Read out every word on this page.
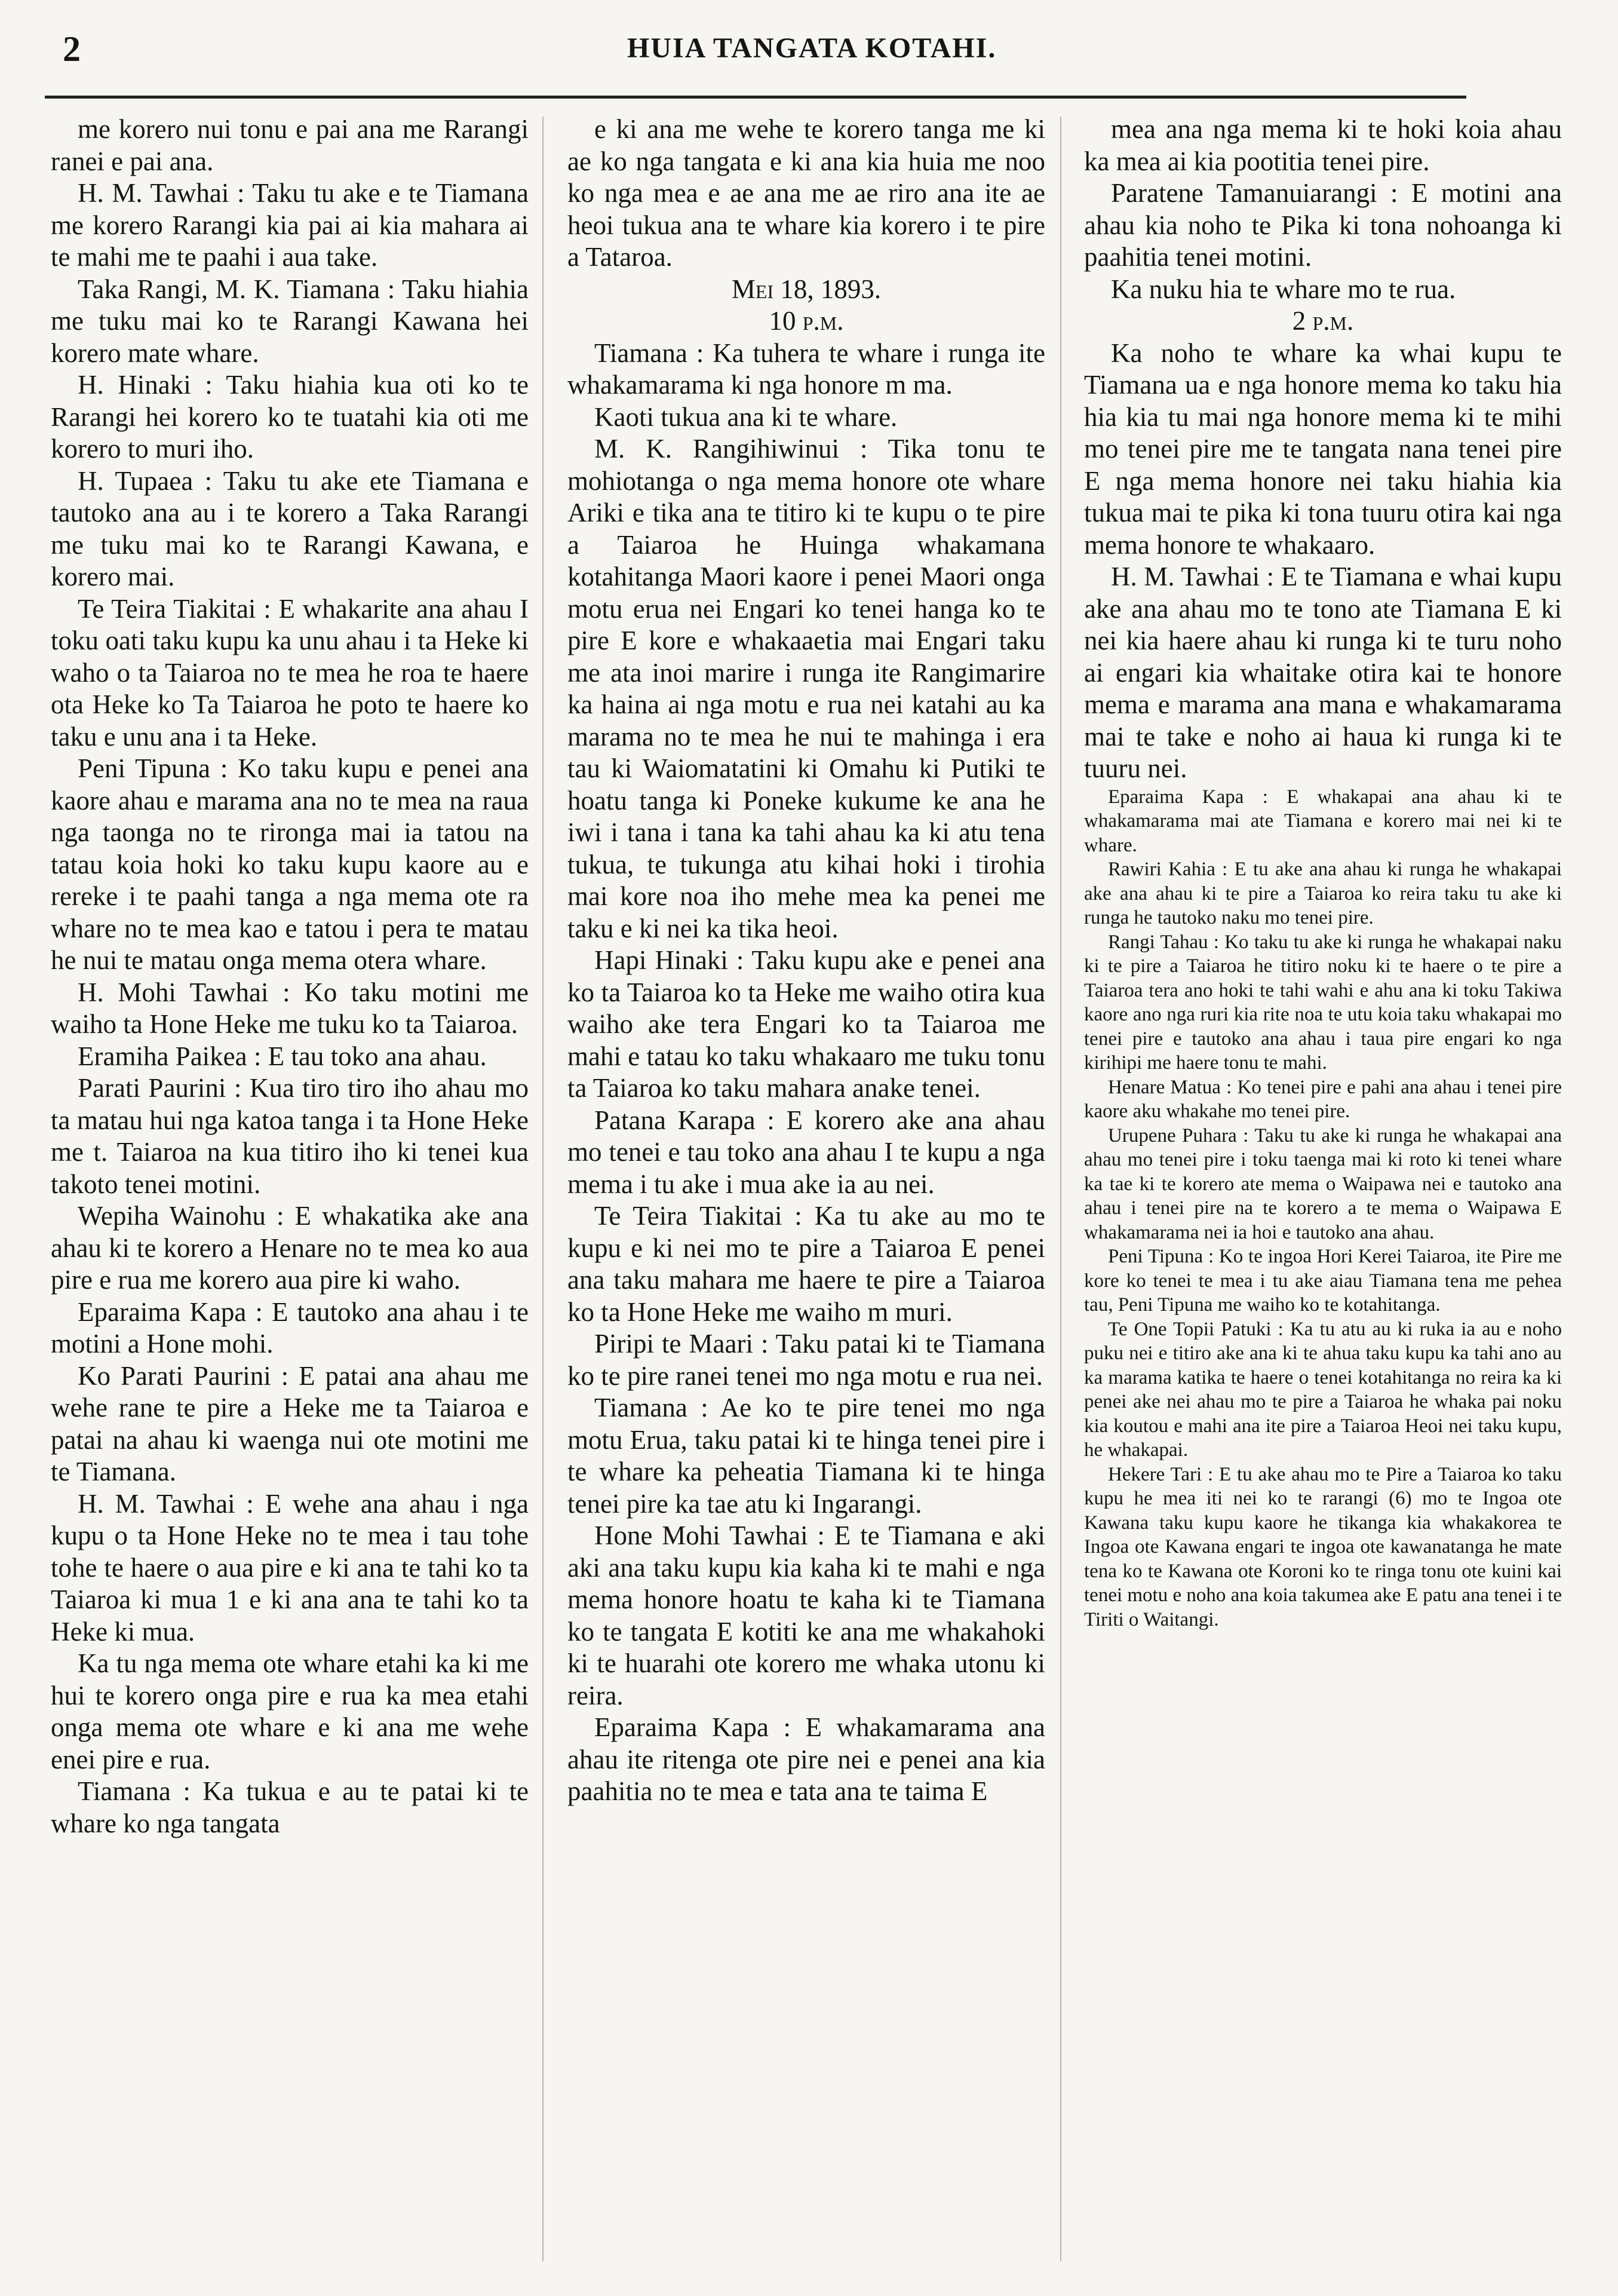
2	HUIA TANGATA KOTAHI.

me korero nui tonu e pai ana me Rarangi ranei e pai ana.

H. M. Tawhai : Taku tu ake e te Tiamana me korero Rarangi kia pai ai kia mahara ai te mahi me te paahi i aua take.

Taka Rangi, M. K. Tiamana : Taku hiahia me tuku mai ko te Rarangi Kawana hei korero mate whare.

H. Hinaki : Taku hiahia kua oti ko te Rarangi hei korero ko te tuatahi kia oti me korero to muri iho.

H. Tupaea : Taku tu ake ete Tiamana e tautoko ana au i te korero a Taka Rarangi me tuku mai ko te Rarangi Kawana, e korero mai.

Te Teira Tiakitai : E whakarite ana ahau I toku oati taku kupu ka unu ahau i ta Heke ki waho o ta Taiaroa no te mea he roa te haere ota Heke ko Ta Taiaroa he poto te haere ko taku e unu ana i ta Heke.

Peni Tipuna : Ko taku kupu e penei ana kaore ahau e marama ana no te mea na raua nga taonga no te rironga mai ia tatou na tatau koia hoki ko taku kupu kaore au e rereke i te paahi tanga a nga mema ote ra whare no te mea kao e tatou i pera te matau he nui te matau onga mema otera whare.

H. Mohi Tawhai : Ko taku motini me waiho ta Hone Heke me tuku ko ta Taiaroa.

Eramiha Paikea : E tau toko ana ahau.

Parati Paurini : Kua tiro tiro iho ahau mo ta matau hui nga katoa tanga i ta Hone Heke me t. Taiaroa na kua titiro iho ki tenei kua takoto tenei motini.

Wepiha Wainohu : E whakatika ake ana ahau ki te korero a Henare no te mea ko aua pire e rua me korero aua pire ki waho.

Eparaima Kapa : E tautoko ana ahau i te motini a Hone mohi.

Ko Parati Paurini : E patai ana ahau me wehe rane te pire a Heke me ta Taiaroa e patai na ahau ki waenga nui ote motini me te Tiamana.

H. M. Tawhai : E wehe ana ahau i nga kupu o ta Hone Heke no te mea i tau tohe tohe te haere o aua pire e ki ana te tahi ko ta Taiaroa ki mua 1 e ki ana ana te tahi ko ta Heke ki mua.

Ka tu nga mema ote whare etahi ka ki me hui te korero onga pire e rua ka mea etahi onga mema ote whare e ki ana me wehe enei pire e rua.

Tiamana : Ka tukua e au te patai ki te whare ko nga tangata

e ki ana me wehe te korero tanga me ki ae ko nga tangata e ki ana kia huia me noo ko nga mea e ae ana me ae riro ana ite ae heoi tukua ana te whare kia korero i te pire a Tataroa.

Mei 18, 1893.

10 p.m.

Tiamana : Ka tuhera te whare i runga ite whakamarama ki nga honore m ma.

Kaoti tukua ana ki te whare.

M. K. Rangihiwinui : Tika tonu te mohiotanga o nga mema honore ote whare Ariki e tika ana te titiro ki te kupu o te pire a Taiaroa he Huinga whakamana kotahitanga Maori kaore i penei Maori onga motu erua nei Engari ko tenei hanga ko te pire E kore e whakaaetia mai Engari taku me ata inoi marire i runga ite Rangimarire ka haina ai nga motu e rua nei katahi au ka marama no te mea he nui te mahinga i era tau ki Waiomatatini ki Omahu ki Putiki te hoatu tanga ki Poneke kukume ke ana he iwi i tana i tana ka tahi ahau ka ki atu tena tukua, te tukunga atu kihai hoki i tirohia mai kore noa iho mehe mea ka penei me taku e ki nei ka tika heoi.

Hapi Hinaki : Taku kupu ake e penei ana ko ta Taiaroa ko ta Heke me waiho otira kua waiho ake tera Engari ko ta Taiaroa me mahi e tatau ko taku whakaaro me tuku tonu ta Taiaroa ko taku mahara anake tenei.

Patana Karapa : E korero ake ana ahau mo tenei e tau toko ana ahau I te kupu a nga mema i tu ake i mua ake ia au nei.

Te Teira Tiakitai : Ka tu ake au mo te kupu e ki nei mo te pire a Taiaroa E penei ana taku mahara me haere te pire a Taiaroa ko ta Hone Heke me waiho m muri.

Piripi te Maari : Taku patai ki te Tiamana ko te pire ranei tenei mo nga motu e rua nei.

Tiamana : Ae ko te pire tenei mo nga motu Erua, taku patai ki te hinga tenei pire i te whare ka peheatia Tiamana ki te hinga tenei pire ka tae atu ki Ingarangi.

Hone Mohi Tawhai : E te Tiamana e aki aki ana taku kupu kia kaha ki te mahi e nga mema honore hoatu te kaha ki te Tiamana ko te tangata E kotiti ke ana me whakahoki ki te huarahi ote korero me whaka utonu ki reira.

Eparaima Kapa : E whakamarama ana ahau ite ritenga ote pire nei e penei ana kia paahitia no te mea e tata ana te taima E

mea ana nga mema ki te hoki koia ahau ka mea ai kia pootitia tenei pire.

Paratene Tamanuiarangi : E motini ana ahau kia noho te Pika ki tona nohoanga ki paahitia tenei motini.

Ka nuku hia te whare mo te rua.

2 p.m.

Ka noho te whare ka whai kupu te Tiamana ua e nga honore mema ko taku hia hia kia tu mai nga honore mema ki te mihi mo tenei pire me te tangata nana tenei pire E nga mema honore nei taku hiahia kia tukua mai te pika ki tona tuuru otira kai nga mema honore te whakaaro.

H. M. Tawhai : E te Tiamana e whai kupu ake ana ahau mo te tono ate Tiamana E ki nei kia haere ahau ki runga ki te turu noho ai engari kia whaitake otira kai te honore mema e marama ana mana e whakamarama mai te take e noho ai haua ki runga ki te tuuru nei.

Eparaima Kapa : E whakapai ana ahau ki te whakamarama mai ate Tiamana e korero mai nei ki te whare.

Rawiri Kahia : E tu ake ana ahau ki runga he whakapai ake ana ahau ki te pire a Taiaroa ko reira taku tu ake ki runga he tautoko naku mo tenei pire.

Rangi Tahau : Ko taku tu ake ki runga he whakapai naku ki te pire a Taiaroa he titiro noku ki te haere o te pire a Taiaroa tera ano hoki te tahi wahi e ahu ana ki toku Takiwa kaore ano nga ruri kia rite noa te utu koia taku whakapai mo tenei pire e tautoko ana ahau i taua pire engari ko nga kirihipi me haere tonu te mahi.

Henare Matua : Ko tenei pire e pahi ana ahau i tenei pire kaore aku whakahe mo tenei pire.

Urupene Puhara : Taku tu ake ki runga he whakapai ana ahau mo tenei pire i toku taenga mai ki roto ki tenei whare ka tae ki te korero ate mema o Waipawa nei e tautoko ana ahau i tenei pire na te korero a te mema o Waipawa E whakamarama nei ia hoi e tautoko ana ahau.

Peni Tipuna : Ko te ingoa Hori Kerei Taiaroa, ite Pire me kore ko tenei te mea i tu ake aiau Tiamana tena me pehea tau, Peni Tipuna me waiho ko te kotahitanga.

Te One Topii Patuki : Ka tu atu au ki ruka ia au e noho puku nei e titiro ake ana ki te ahua taku kupu ka tahi ano au ka marama katika te haere o tenei kotahitanga no reira ka ki penei ake nei ahau mo te pire a Taiaroa he whaka pai noku kia koutou e mahi ana ite pire a Taiaroa Heoi nei taku kupu, he whakapai.

Hekere Tari : E tu ake ahau mo te Pire a Taiaroa ko taku kupu he mea iti nei ko te rarangi (6) mo te Ingoa ote Kawana taku kupu kaore he tikanga kia whakakorea te Ingoa ote Kawana engari te ingoa ote kawanatanga he mate tena ko te Kawana ote Koroni ko te ringa tonu ote kuini kai tenei motu e noho ana koia takumea ake E patu ana tenei i te Tiriti o Waitangi.
